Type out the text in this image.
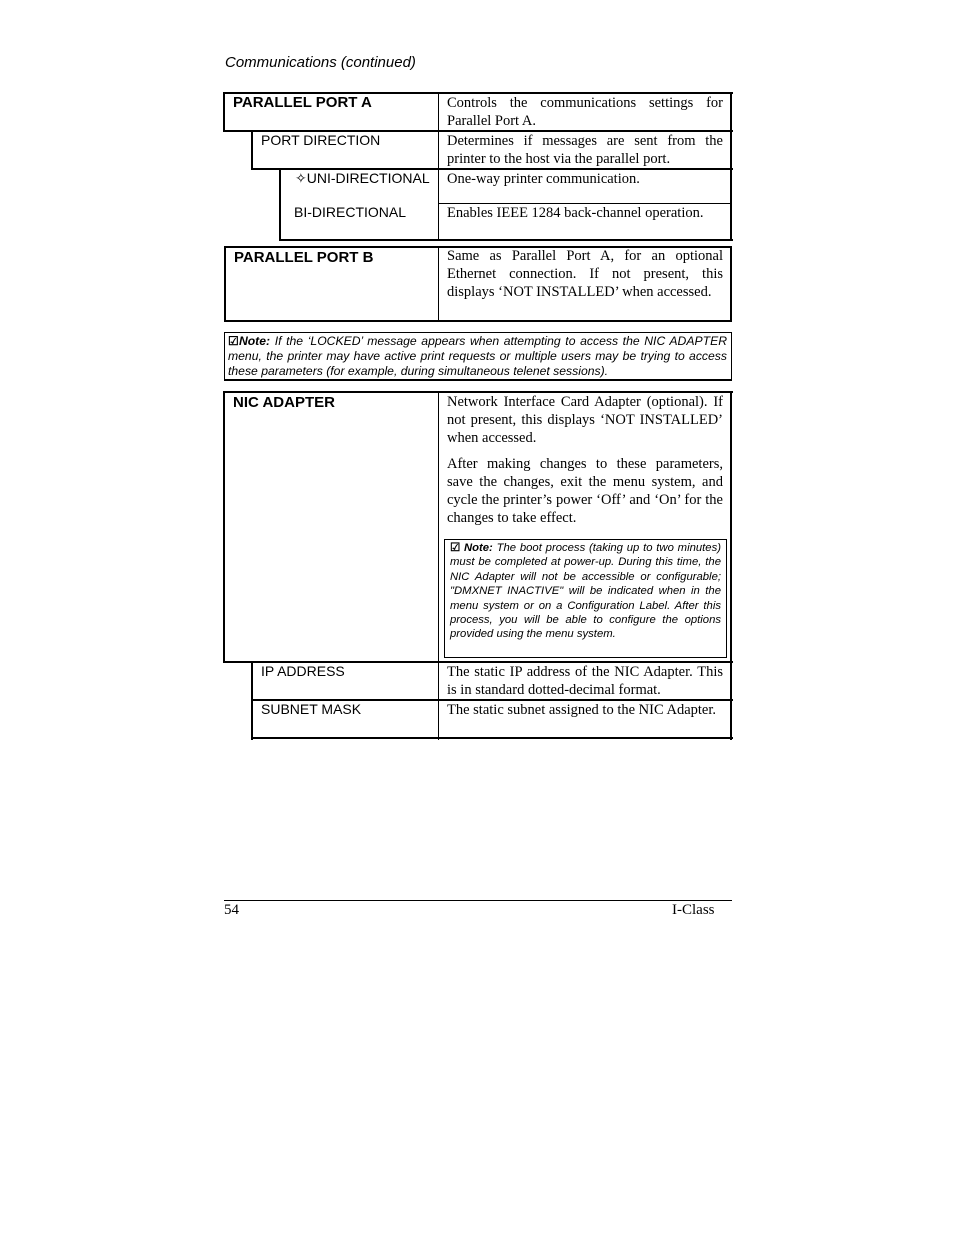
Communications (continued)
PARALLEL PORT A	Controls the communications settings for Parallel Port A.
PORT DIRECTION	Determines if messages are sent from the printer to the host via the parallel port.
✧UNI-DIRECTIONAL One-way printer communication.
BI-DIRECTIONAL	Enables IEEE 1284 back-channel operation.
PARALLEL PORT B	Same as Parallel Port A, for an optional Ethernet connection. If not present, this displays ‘NOT INSTALLED’ when accessed.
☑Note: If the ‘LOCKED’ message appears when attempting to access the NIC ADAPTER menu, the printer may have active print requests or multiple users may be trying to access these parameters (for example, during simultaneous telenet sessions).
NIC ADAPTER	Network Interface Card Adapter (optional). If not present, this displays ‘NOT INSTALLED’ when accessed.

After making changes to these parameters, save the changes, exit the menu system, and cycle the printer’s power ‘Off’ and ‘On’ for the changes to take effect.

☑ Note: The boot process (taking up to two minutes) must be completed at power-up. During this time, the NIC Adapter will not be accessible or configurable; "DMXNET INACTIVE" will be indicated when in the menu system or on a Configuration Label. After this process, you will be able to configure the options provided using the menu system.
IP ADDRESS	The static IP address of the NIC Adapter. This is in standard dotted-decimal format.
SUBNET MASK	The static subnet assigned to the NIC Adapter.
54	I-Class
